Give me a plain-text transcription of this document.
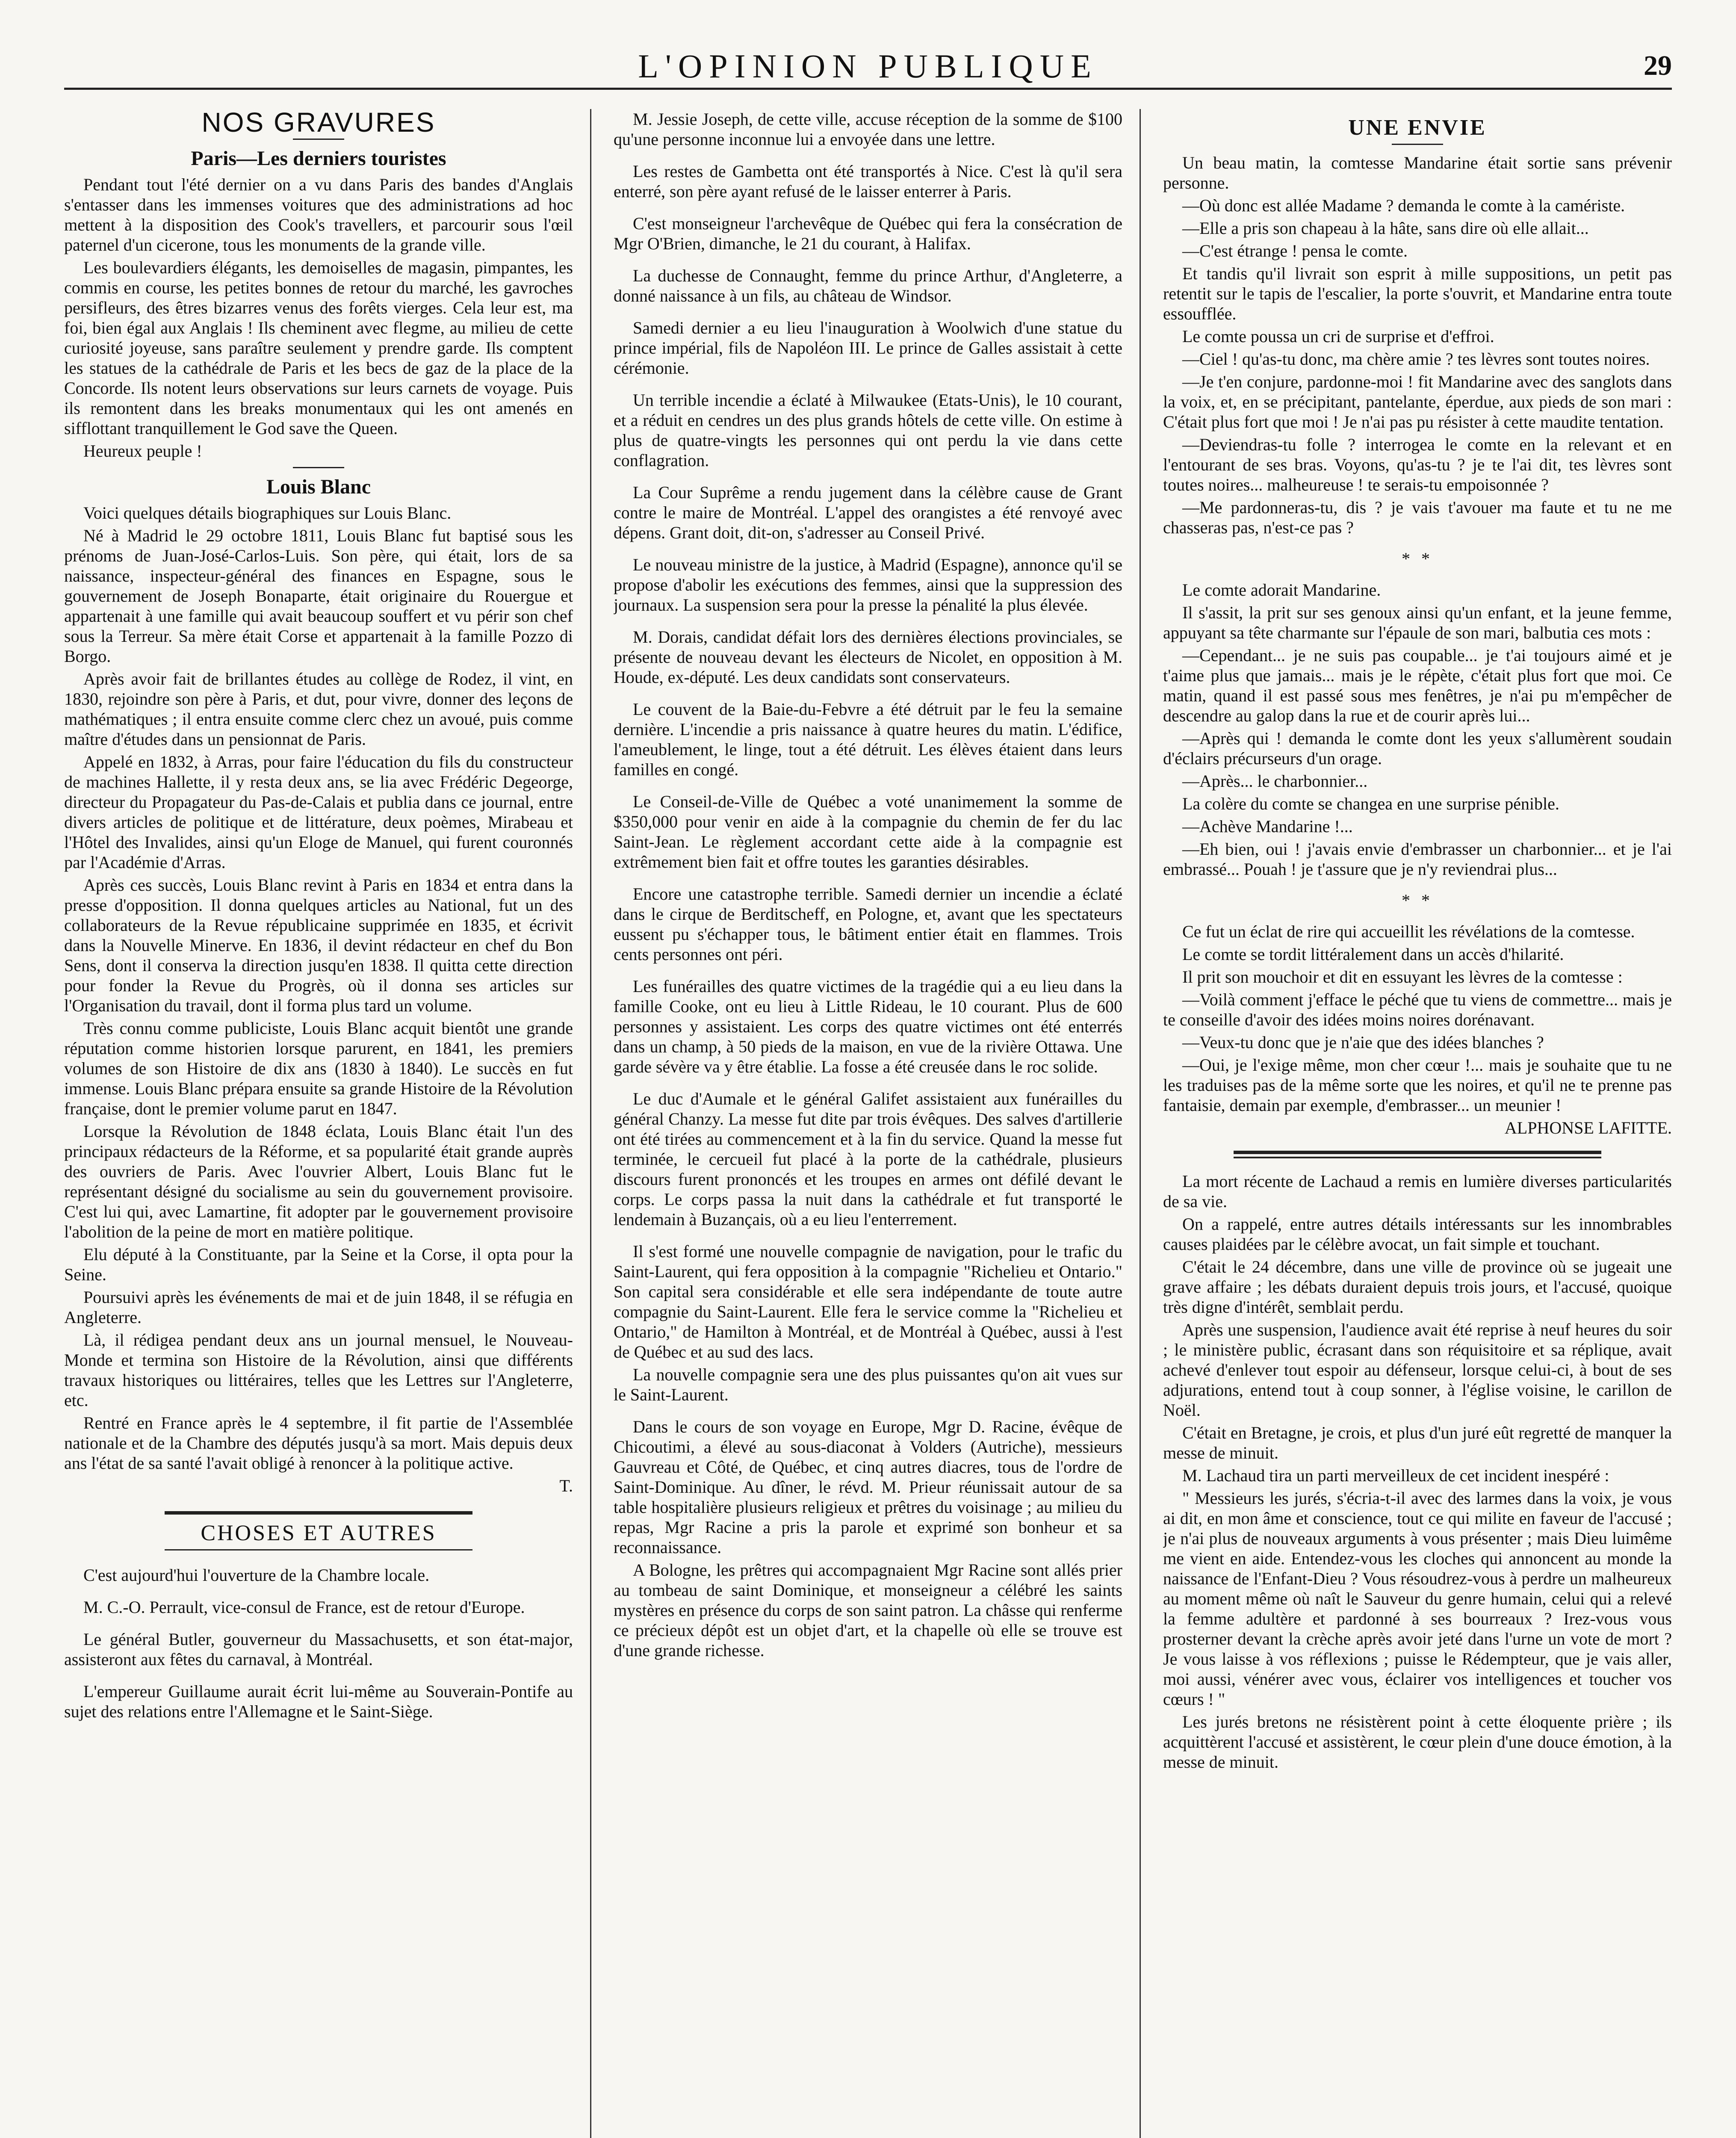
L'OPINION PUBLIQUE	29
NOS GRAVURES
Paris—Les derniers touristes

Pendant tout l'été dernier on a vu dans Paris des bandes d'Anglais s'entasser dans les immenses voitures que des administrations ad hoc mettent à la disposition des Cook's travellers, et parcourir sous l'œil paternel d'un cicerone, tous les monuments de la grande ville.

Les boulevardiers élégants, les demoiselles de magasin, pimpantes, les commis en course, les petites bonnes de retour du marché, les gavroches persifleurs, des êtres bizarres venus des forêts vierges. Cela leur est, ma foi, bien égal aux Anglais ! Ils cheminent avec flegme, au milieu de cette curiosité joyeuse, sans paraître seulement y prendre garde. Ils comptent les statues de la cathédrale de Paris et les becs de gaz de la place de la Concorde. Ils notent leurs observations sur leurs carnets de voyage. Puis ils remontent dans les breaks monumentaux qui les ont amenés en sifflottant tranquillement le God save the Queen.

Heureux peuple !

Louis Blanc

Voici quelques détails biographiques sur Louis Blanc.

Né à Madrid le 29 octobre 1811, Louis Blanc fut baptisé sous les prénoms de Juan-José-Carlos-Luis. Son père, qui était, lors de sa naissance, inspecteur-général des finances en Espagne, sous le gouvernement de Joseph Bonaparte, était originaire du Rouergue et appartenait à une famille qui avait beaucoup souffert et vu périr son chef sous la Terreur. Sa mère était Corse et appartenait à la famille Pozzo di Borgo.

Après avoir fait de brillantes études au collège de Rodez, il vint, en 1830, rejoindre son père à Paris, et dut, pour vivre, donner des leçons de mathématiques ; il entra ensuite comme clerc chez un avoué, puis comme maître d'études dans un pensionnat de Paris.

Appelé en 1832, à Arras, pour faire l'éducation du fils du constructeur de machines Hallette, il y resta deux ans, se lia avec Frédéric Degeorge, directeur du Propagateur du Pas-de-Calais et publia dans ce journal, entre divers articles de politique et de littérature, deux poèmes, Mirabeau et l'Hôtel des Invalides, ainsi qu'un Eloge de Manuel, qui furent couronnés par l'Académie d'Arras.

Après ces succès, Louis Blanc revint à Paris en 1834 et entra dans la presse d'opposition. Il donna quelques articles au National, fut un des collaborateurs de la Revue républicaine supprimée en 1835, et écrivit dans la Nouvelle Minerve. En 1836, il devint rédacteur en chef du Bon Sens, dont il conserva la direction jusqu'en 1838. Il quitta cette direction pour fonder la Revue du Progrès, où il donna ses articles sur l'Organisation du travail, dont il forma plus tard un volume.

Très connu comme publiciste, Louis Blanc acquit bientôt une grande réputation comme historien lorsque parurent, en 1841, les premiers volumes de son Histoire de dix ans (1830 à 1840). Le succès en fut immense. Louis Blanc prépara ensuite sa grande Histoire de la Révolution française, dont le premier volume parut en 1847.

Lorsque la Révolution de 1848 éclata, Louis Blanc était l'un des principaux rédacteurs de la Réforme, et sa popularité était grande auprès des ouvriers de Paris. Avec l'ouvrier Albert, Louis Blanc fut le représentant désigné du socialisme au sein du gouvernement provisoire. C'est lui qui, avec Lamartine, fit adopter par le gouvernement provisoire l'abolition de la peine de mort en matière politique.

Elu député à la Constituante, par la Seine et la Corse, il opta pour la Seine.

Poursuivi après les événements de mai et de juin 1848, il se réfugia en Angleterre.

Là, il rédigea pendant deux ans un journal mensuel, le Nouveau-Monde et termina son Histoire de la Révolution, ainsi que différents travaux historiques ou littéraires, telles que les Lettres sur l'Angleterre, etc.

Rentré en France après le 4 septembre, il fit partie de l'Assemblée nationale et de la Chambre des députés jusqu'à sa mort. Mais depuis deux ans l'état de sa santé l'avait obligé à renoncer à la politique active.

T.

CHOSES ET AUTRES

C'est aujourd'hui l'ouverture de la Chambre locale.

M. C.-O. Perrault, vice-consul de France, est de retour d'Europe.

Le général Butler, gouverneur du Massachusetts, et son état-major, assisteront aux fêtes du carnaval, à Montréal.

L'empereur Guillaume aurait écrit lui-même au Souverain-Pontife au sujet des relations entre l'Allemagne et le Saint-Siège.

M. Jessie Joseph, de cette ville, accuse réception de la somme de $100 qu'une personne inconnue lui a envoyée dans une lettre.

Les restes de Gambetta ont été transportés à Nice. C'est là qu'il sera enterré, son père ayant refusé de le laisser enterrer à Paris.

C'est monseigneur l'archevêque de Québec qui fera la consécration de Mgr O'Brien, dimanche, le 21 du courant, à Halifax.

La duchesse de Connaught, femme du prince Arthur, d'Angleterre, a donné naissance à un fils, au château de Windsor.

Samedi dernier a eu lieu l'inauguration à Woolwich d'une statue du prince impérial, fils de Napoléon III. Le prince de Galles assistait à cette cérémonie.

Un terrible incendie a éclaté à Milwaukee (Etats-Unis), le 10 courant, et a réduit en cendres un des plus grands hôtels de cette ville. On estime à plus de quatre-vingts les personnes qui ont perdu la vie dans cette conflagration.

La Cour Suprême a rendu jugement dans la célèbre cause de Grant contre le maire de Montréal. L'appel des orangistes a été renvoyé avec dépens. Grant doit, dit-on, s'adresser au Conseil Privé.

Le nouveau ministre de la justice, à Madrid (Espagne), annonce qu'il se propose d'abolir les exécutions des femmes, ainsi que la suppression des journaux. La suspension sera pour la presse la pénalité la plus élevée.

M. Dorais, candidat défait lors des dernières élections provinciales, se présente de nouveau devant les électeurs de Nicolet, en opposition à M. Houde, ex-député. Les deux candidats sont conservateurs.

Le couvent de la Baie-du-Febvre a été détruit par le feu la semaine dernière. L'incendie a pris naissance à quatre heures du matin. L'édifice, l'ameublement, le linge, tout a été détruit. Les élèves étaient dans leurs familles en congé.

Le Conseil-de-Ville de Québec a voté unanimement la somme de $350,000 pour venir en aide à la compagnie du chemin de fer du lac Saint-Jean. Le règlement accordant cette aide à la compagnie est extrêmement bien fait et offre toutes les garanties désirables.

Encore une catastrophe terrible. Samedi dernier un incendie a éclaté dans le cirque de Berditscheff, en Pologne, et, avant que les spectateurs eussent pu s'échapper tous, le bâtiment entier était en flammes. Trois cents personnes ont péri.

Les funérailles des quatre victimes de la tragédie qui a eu lieu dans la famille Cooke, ont eu lieu à Little Rideau, le 10 courant. Plus de 600 personnes y assistaient. Les corps des quatre victimes ont été enterrés dans un champ, à 50 pieds de la maison, en vue de la rivière Ottawa. Une garde sévère va y être établie. La fosse a été creusée dans le roc solide.

Le duc d'Aumale et le général Galifet assistaient aux funérailles du général Chanzy. La messe fut dite par trois évêques. Des salves d'artillerie ont été tirées au commencement et à la fin du service. Quand la messe fut terminée, le cercueil fut placé à la porte de la cathédrale, plusieurs discours furent prononcés et les troupes en armes ont défilé devant le corps. Le corps passa la nuit dans la cathédrale et fut transporté le lendemain à Buzançais, où a eu lieu l'enterrement.

Il s'est formé une nouvelle compagnie de navigation, pour le trafic du Saint-Laurent, qui fera opposition à la compagnie "Richelieu et Ontario." Son capital sera considérable et elle sera indépendante de toute autre compagnie du Saint-Laurent. Elle fera le service comme la "Richelieu et Ontario," de Hamilton à Montréal, et de Montréal à Québec, aussi à l'est de Québec et au sud des lacs.

La nouvelle compagnie sera une des plus puissantes qu'on ait vues sur le Saint-Laurent.

Dans le cours de son voyage en Europe, Mgr D. Racine, évêque de Chicoutimi, a élevé au sous-diaconat à Volders (Autriche), messieurs Gauvreau et Côté, de Québec, et cinq autres diacres, tous de l'ordre de Saint-Dominique. Au dîner, le révd. M. Prieur réunissait autour de sa table hospitalière plusieurs religieux et prêtres du voisinage ; au milieu du repas, Mgr Racine a pris la parole et exprimé son bonheur et sa reconnaissance.

A Bologne, les prêtres qui accompagnaient Mgr Racine sont allés prier au tombeau de saint Dominique, et monseigneur a célébré les saints mystères en présence du corps de son saint patron. La châsse qui renferme ce précieux dépôt est un objet d'art, et la chapelle où elle se trouve est d'une grande richesse.

UNE ENVIE

Un beau matin, la comtesse Mandarine était sortie sans prévenir personne.

—Où donc est allée Madame ? demanda le comte à la camériste.

—Elle a pris son chapeau à la hâte, sans dire où elle allait...

—C'est étrange ! pensa le comte.

Et tandis qu'il livrait son esprit à mille suppositions, un petit pas retentit sur le tapis de l'escalier, la porte s'ouvrit, et Mandarine entra toute essoufflée.

Le comte poussa un cri de surprise et d'effroi.

—Ciel ! qu'as-tu donc, ma chère amie ? tes lèvres sont toutes noires.

—Je t'en conjure, pardonne-moi ! fit Mandarine avec des sanglots dans la voix, et, en se précipitant, pantelante, éperdue, aux pieds de son mari : C'était plus fort que moi ! Je n'ai pas pu résister à cette maudite tentation.

—Deviendras-tu folle ? interrogea le comte en la relevant et en l'entourant de ses bras. Voyons, qu'as-tu ? je te l'ai dit, tes lèvres sont toutes noires... malheureuse ! te serais-tu empoisonnée ?

—Me pardonneras-tu, dis ? je vais t'avouer ma faute et tu ne me chasseras pas, n'est-ce pas ?

* *

Le comte adorait Mandarine.

Il s'assit, la prit sur ses genoux ainsi qu'un enfant, et la jeune femme, appuyant sa tête charmante sur l'épaule de son mari, balbutia ces mots :

—Cependant... je ne suis pas coupable... je t'ai toujours aimé et je t'aime plus que jamais... mais je le répète, c'était plus fort que moi. Ce matin, quand il est passé sous mes fenêtres, je n'ai pu m'empêcher de descendre au galop dans la rue et de courir après lui...

—Après qui ! demanda le comte dont les yeux s'allumèrent soudain d'éclairs précurseurs d'un orage.

—Après... le charbonnier...

La colère du comte se changea en une surprise pénible.

—Achève Mandarine !...

—Eh bien, oui ! j'avais envie d'embrasser un charbonnier... et je l'ai embrassé... Pouah ! je t'assure que je n'y reviendrai plus...

* *

Ce fut un éclat de rire qui accueillit les révélations de la comtesse.

Le comte se tordit littéralement dans un accès d'hilarité.

Il prit son mouchoir et dit en essuyant les lèvres de la comtesse :

—Voilà comment j'efface le péché que tu viens de commettre... mais je te conseille d'avoir des idées moins noires dorénavant.

—Veux-tu donc que je n'aie que des idées blanches ?

—Oui, je l'exige même, mon cher cœur !... mais je souhaite que tu ne les traduises pas de la même sorte que les noires, et qu'il ne te prenne pas fantaisie, demain par exemple, d'embrasser... un meunier !

ALPHONSE LAFITTE.

La mort récente de Lachaud a remis en lumière diverses particularités de sa vie.

On a rappelé, entre autres détails intéressants sur les innombrables causes plaidées par le célèbre avocat, un fait simple et touchant.

C'était le 24 décembre, dans une ville de province où se jugeait une grave affaire ; les débats duraient depuis trois jours, et l'accusé, quoique très digne d'intérêt, semblait perdu.

Après une suspension, l'audience avait été reprise à neuf heures du soir ; le ministère public, écrasant dans son réquisitoire et sa réplique, avait achevé d'enlever tout espoir au défenseur, lorsque celui-ci, à bout de ses adjurations, entend tout à coup sonner, à l'église voisine, le carillon de Noël.

C'était en Bretagne, je crois, et plus d'un juré eût regretté de manquer la messe de minuit.

M. Lachaud tira un parti merveilleux de cet incident inespéré :

" Messieurs les jurés, s'écria-t-il avec des larmes dans la voix, je vous ai dit, en mon âme et conscience, tout ce qui milite en faveur de l'accusé ; je n'ai plus de nouveaux arguments à vous présenter ; mais Dieu luimême me vient en aide. Entendez-vous les cloches qui annoncent au monde la naissance de l'Enfant-Dieu ? Vous résoudrez-vous à perdre un malheureux au moment même où naît le Sauveur du genre humain, celui qui a relevé la femme adultère et pardonné à ses bourreaux ? Irez-vous vous prosterner devant la crèche après avoir jeté dans l'urne un vote de mort ? Je vous laisse à vos réflexions ; puisse le Rédempteur, que je vais aller, moi aussi, vénérer avec vous, éclairer vos intelligences et toucher vos cœurs ! "

Les jurés bretons ne résistèrent point à cette éloquente prière ; ils acquittèrent l'accusé et assistèrent, le cœur plein d'une douce émotion, à la messe de minuit.
